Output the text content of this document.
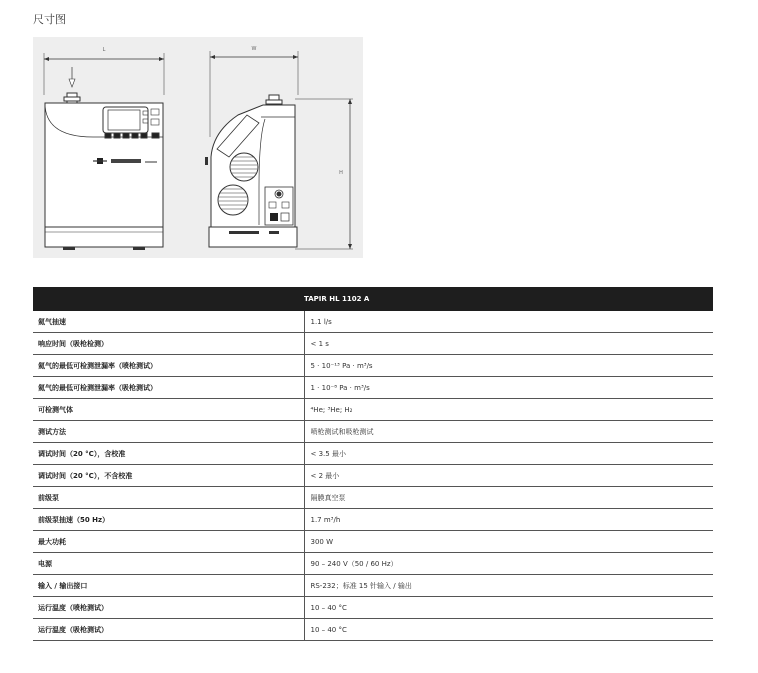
尺寸图
L	W
H
	TAPIR HL 1102 A
氦气抽速	1.1 l/s
响应时间（吸枪检测）	< 1 s
氦气的最低可检测泄漏率（喷枪测试）	5 · 10⁻¹³ Pa · m³/s
氦气的最低可检测泄漏率（吸枪测试）	1 · 10⁻⁸ Pa · m³/s
可检测气体	⁴He; ³He; H₂
测试方法	喷枪测试和吸枪测试
调试时间（20 °C），含校准	< 3.5 最小
调试时间（20 °C），不含校准	< 2 最小
前级泵	隔膜真空泵
前级泵抽速（50 Hz）	1.7 m³/h
最大功耗	300 W
电源	90 – 240 V（50 / 60 Hz）
输入 / 输出接口	RS-232；标准 15 针输入 / 输出
运行温度（喷枪测试）	10 – 40 °C
运行温度（吸枪测试）	10 – 40 °C
